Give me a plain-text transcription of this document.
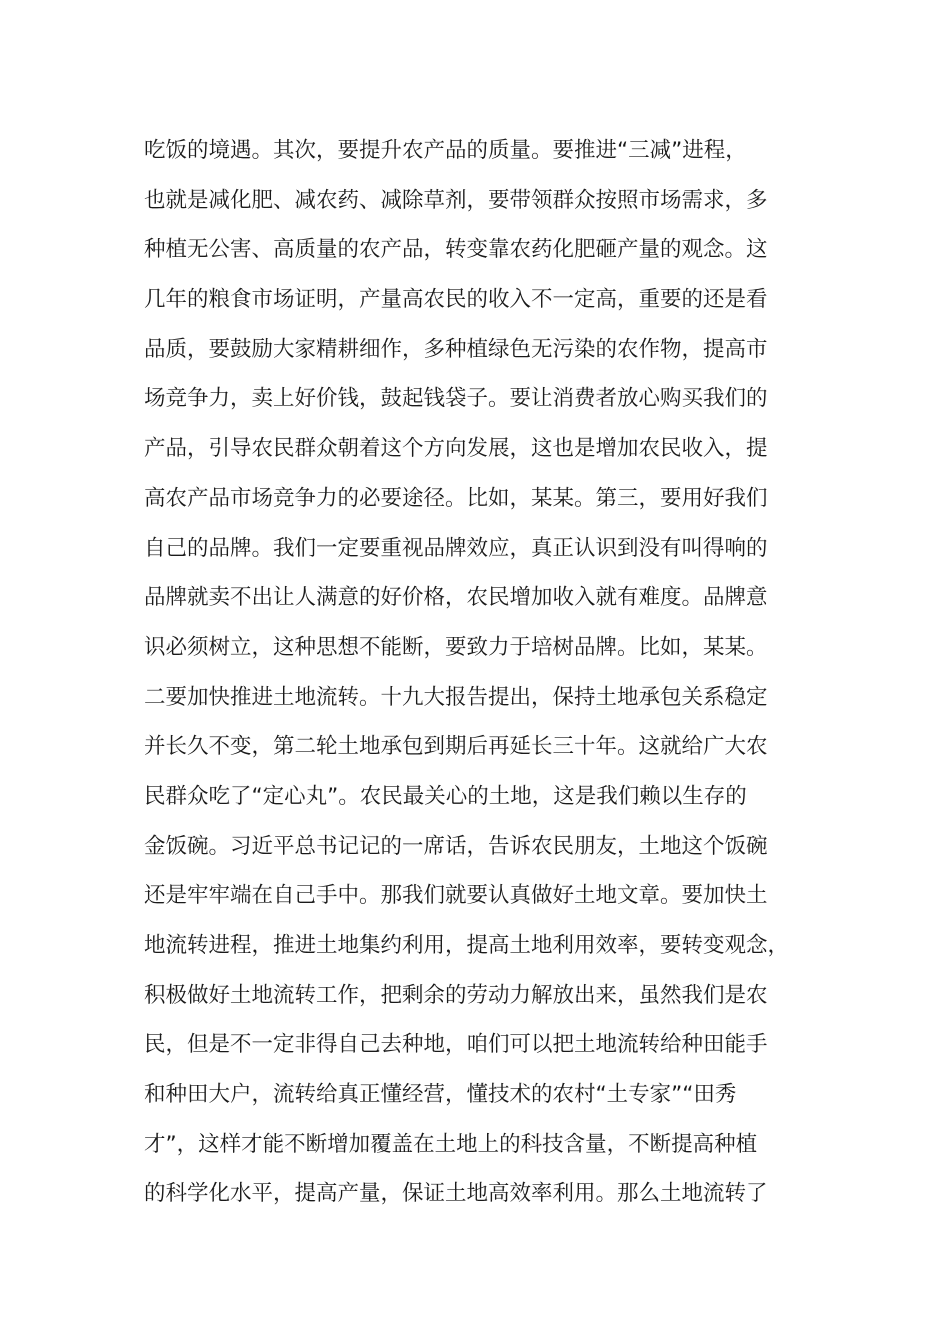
吃饭的境遇。其次，要提升农产品的质量。要推进“三减”进程，
也就是减化肥、减农药、减除草剂，要带领群众按照市场需求，多
种植无公害、高质量的农产品，转变靠农药化肥砸产量的观念。这
几年的粮食市场证明，产量高农民的收入不一定高，重要的还是看
品质，要鼓励大家精耕细作，多种植绿色无污染的农作物，提高市
场竞争力，卖上好价钱，鼓起钱袋子。要让消费者放心购买我们的
产品，引导农民群众朝着这个方向发展，这也是增加农民收入，提
高农产品市场竞争力的必要途径。比如，某某。第三，要用好我们
自己的品牌。我们一定要重视品牌效应，真正认识到没有叫得响的
品牌就卖不出让人满意的好价格，农民增加收入就有难度。品牌意
识必须树立，这种思想不能断，要致力于培树品牌。比如，某某。
二要加快推进土地流转。十九大报告提出，保持土地承包关系稳定
并长久不变，第二轮土地承包到期后再延长三十年。这就给广大农
民群众吃了“定心丸”。农民最关心的土地，这是我们赖以生存的
金饭碗。习近平总书记记的一席话，告诉农民朋友，土地这个饭碗
还是牢牢端在自己手中。那我们就要认真做好土地文章。要加快土
地流转进程，推进土地集约利用，提高土地利用效率，要转变观念，
积极做好土地流转工作，把剩余的劳动力解放出来，虽然我们是农
民，但是不一定非得自己去种地，咱们可以把土地流转给种田能手
和种田大户，流转给真正懂经营，懂技术的农村“土专家”“田秀
才”，这样才能不断增加覆盖在土地上的科技含量，不断提高种植
的科学化水平，提高产量，保证土地高效率利用。那么土地流转了
